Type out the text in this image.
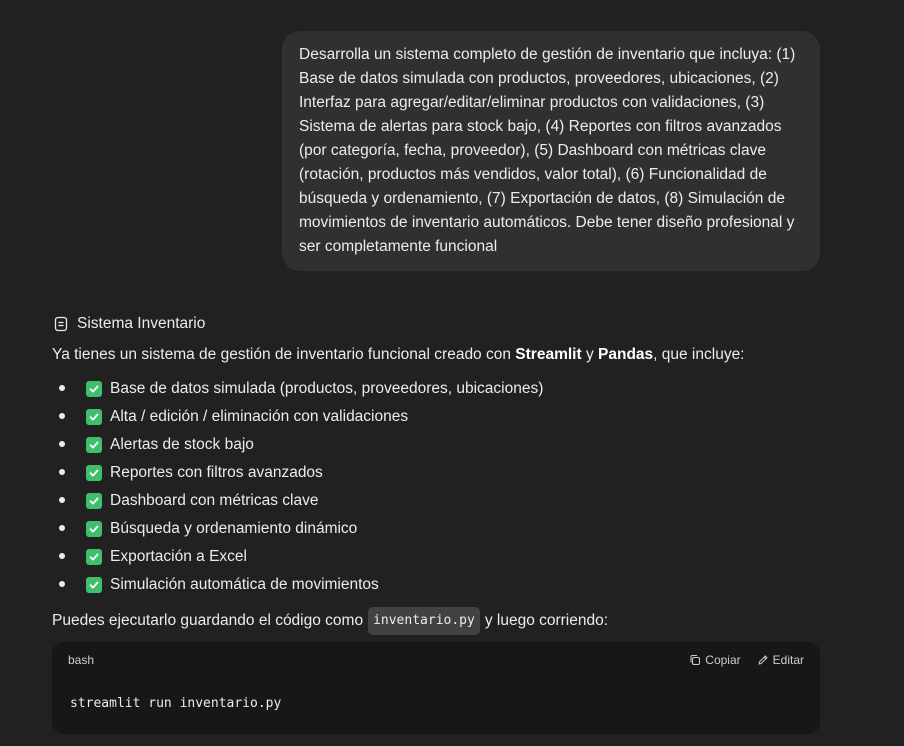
Desarrolla un sistema completo de gestión de inventario que incluya: (1) Base de datos simulada con productos, proveedores, ubicaciones, (2) Interfaz para agregar/editar/eliminar productos con validaciones, (3) Sistema de alertas para stock bajo, (4) Reportes con filtros avanzados (por categoría, fecha, proveedor), (5) Dashboard con métricas clave (rotación, productos más vendidos, valor total), (6) Funcionalidad de búsqueda y ordenamiento, (7) Exportación de datos, (8) Simulación de movimientos de inventario automáticos. Debe tener diseño profesional y ser completamente funcional
Sistema Inventario
Ya tienes un sistema de gestión de inventario funcional creado con Streamlit y Pandas, que incluye:
Base de datos simulada (productos, proveedores, ubicaciones)
Alta / edición / eliminación con validaciones
Alertas de stock bajo
Reportes con filtros avanzados
Dashboard con métricas clave
Búsqueda y ordenamiento dinámico
Exportación a Excel
Simulación automática de movimientos
Puedes ejecutarlo guardando el código como inventario.py y luego corriendo:
bash	Copiar	Editar
streamlit run inventario.py
